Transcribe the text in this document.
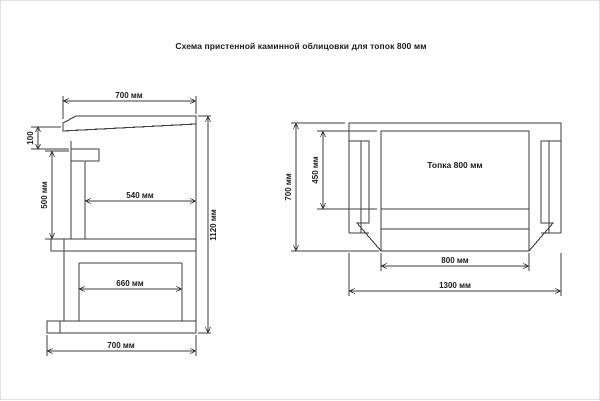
Схема пристенной каминной облицовки для топок 800 мм
700 мм
700 мм
1120 мм
500 мм
100
540 мм
660 мм
Топка 800 мм
800 мм
1300 мм
700 мм
450 мм
